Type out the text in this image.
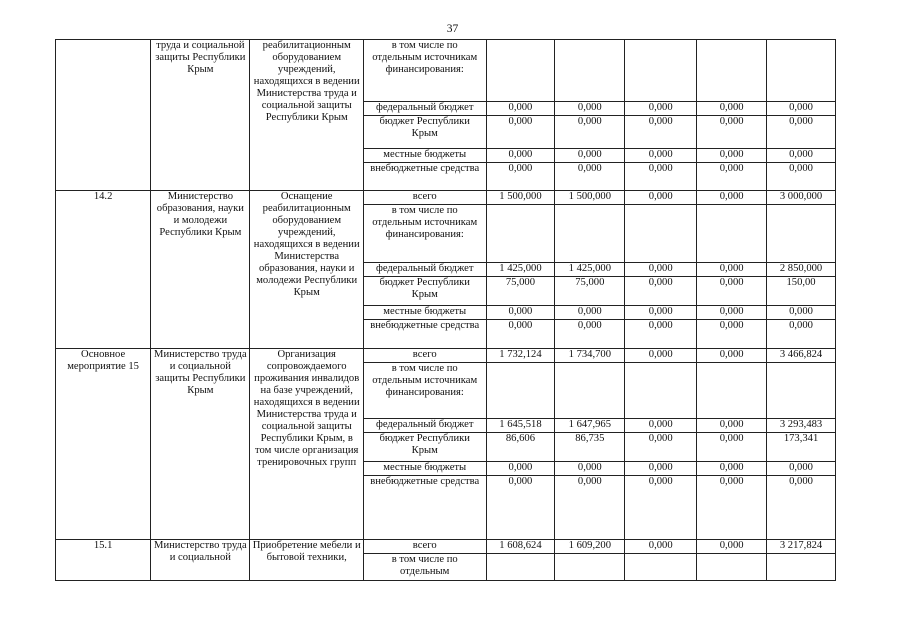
37
	труда и социальной защиты Республики Крым	реабилитационным оборудованием учреждений, находящихся в ведении Министерства труда и социальной защиты Республики Крым	в том числе по отдельным источникам финансирования:					
			федеральный бюджет	0,000	0,000	0,000	0,000	0,000
			бюджет Республики Крым	0,000	0,000	0,000	0,000	0,000
			местные бюджеты	0,000	0,000	0,000	0,000	0,000
			внебюджетные средства	0,000	0,000	0,000	0,000	0,000
14.2	Министерство образования, науки и молодежи Республики Крым	Оснащение реабилитационным оборудованием учреждений, находящихся в ведении Министерства образования, науки и молодежи Республики Крым	всего	1 500,000	1 500,000	0,000	0,000	3 000,000
			в том числе по отдельным источникам финансирования:					
			федеральный бюджет	1 425,000	1 425,000	0,000	0,000	2 850,000
			бюджет Республики Крым	75,000	75,000	0,000	0,000	150,00
			местные бюджеты	0,000	0,000	0,000	0,000	0,000
			внебюджетные средства	0,000	0,000	0,000	0,000	0,000
Основное мероприятие 15	Министерство труда и социальной защиты Республики Крым	Организация сопровождаемого проживания инвалидов на базе учреждений, находящихся в ведении Министерства труда и социальной защиты Республики Крым, в том числе организация тренировочных групп	всего	1 732,124	1 734,700	0,000	0,000	3 466,824
			в том числе по отдельным источникам финансирования:					
			федеральный бюджет	1 645,518	1 647,965	0,000	0,000	3 293,483
			бюджет Республики Крым	86,606	86,735	0,000	0,000	173,341
			местные бюджеты	0,000	0,000	0,000	0,000	0,000
			внебюджетные средства	0,000	0,000	0,000	0,000	0,000
15.1	Министерство труда и социальной	Приобретение мебели и бытовой техники,	всего	1 608,624	1 609,200	0,000	0,000	3 217,824
			в том числе по отдельным					
